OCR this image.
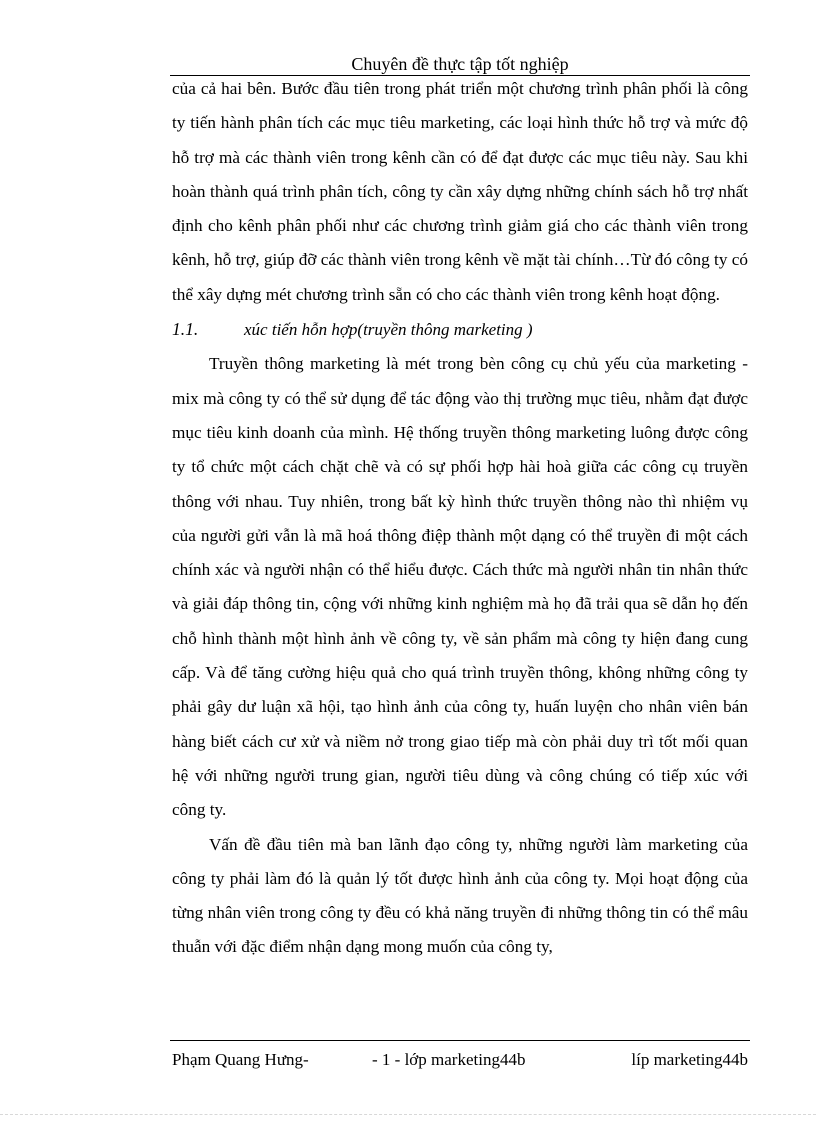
Chuyên đề thực tập tốt nghiệp

của cả hai bên. Bước đầu tiên trong phát triển một chương trình phân phối là công ty tiến hành phân tích các mục tiêu marketing, các loại hình thức hỗ trợ và mức độ hỗ trợ mà các thành viên trong kênh cần có để đạt được các mục tiêu này. Sau khi hoàn thành quá trình phân tích, công ty cần xây dựng những chính sách hỗ trợ nhất định cho kênh phân phối như các chương trình giảm giá cho các thành viên trong kênh, hỗ trợ, giúp đỡ các thành viên trong kênh về mặt tài chính…Từ đó công ty có thể xây dựng mét chương trình sẵn có cho các thành viên trong kênh hoạt động.

1.1.	xúc tiến hỗn hợp(truyền thông marketing )

Truyền thông marketing là mét trong bèn công cụ chủ yếu của marketing - mix mà công ty có thể sử dụng để tác động vào thị trường mục tiêu, nhằm đạt được mục tiêu kinh doanh của mình. Hệ thống truyền thông marketing luông được công ty tổ chức một cách chặt chẽ và có sự phối hợp hài hoà giữa các công cụ truyền thông với nhau. Tuy nhiên, trong bất kỳ hình thức truyền thông nào thì nhiệm vụ của người gửi vẫn là mã hoá thông điệp thành một dạng có thể truyền đi một cách chính xác và người nhận có thể hiểu được. Cách thức mà người nhân tin nhân thức và giải đáp thông tin, cộng với những kinh nghiệm mà họ đã trải qua sẽ dẫn họ đến chỗ hình thành một hình ảnh về công ty, về sản phẩm mà công ty hiện đang cung cấp. Và để tăng cường hiệu quả cho quá trình truyền thông, không những công ty phải gây dư luận xã hội, tạo hình ảnh của công ty, huấn luyện cho nhân viên bán hàng biết cách cư xử và niềm nở trong giao tiếp mà còn phải duy trì tốt mối quan hệ với những người trung gian, người tiêu dùng và công chúng có tiếp xúc với công ty.

Vấn đề đầu tiên mà ban lãnh đạo công ty, những người làm marketing của công ty phải làm đó là quản lý tốt được hình ảnh của công ty. Mọi hoạt động của từng nhân viên trong công ty đều có khả năng truyền đi những thông tin có thể mâu thuẫn với đặc điểm nhận dạng mong muốn của công ty,

Phạm Quang Hưng-	- 1 - lớp marketing44b	líp marketing44b
